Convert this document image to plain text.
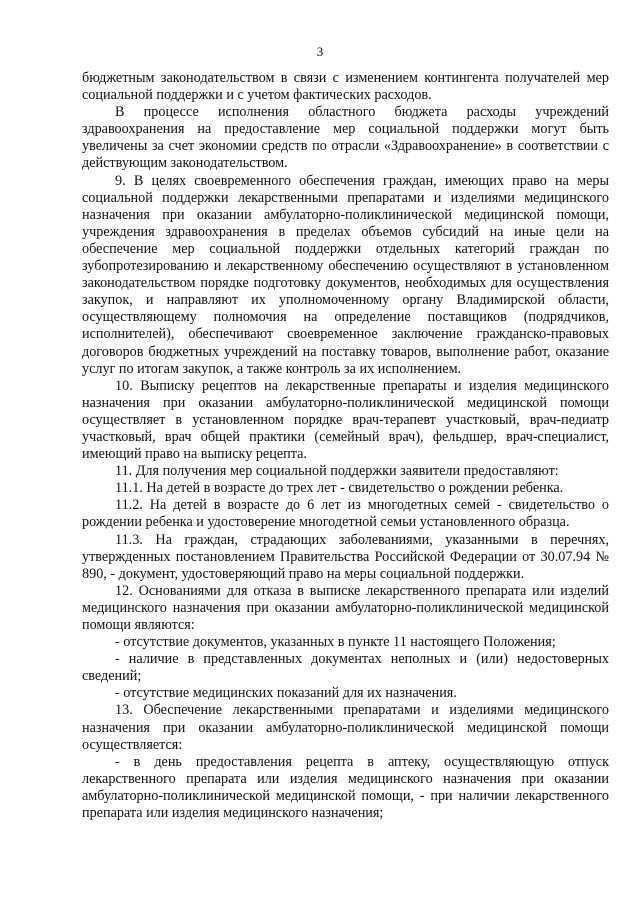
3

бюджетным законодательством в связи с изменением контингента получателей мер социальной поддержки и с учетом фактических расходов.

В процессе исполнения областного бюджета расходы учреждений здравоохранения на предоставление мер социальной поддержки могут быть увеличены за счет экономии средств по отрасли «Здравоохранение» в соответствии с действующим законодательством.

9. В целях своевременного обеспечения граждан, имеющих право на меры социальной поддержки лекарственными препаратами и изделиями медицинского назначения при оказании амбулаторно-поликлинической медицинской помощи, учреждения здравоохранения в пределах объемов субсидий на иные цели на обеспечение мер социальной поддержки отдельных категорий граждан по зубопротезированию и лекарственному обеспечению осуществляют в установленном законодательством порядке подготовку документов, необходимых для осуществления закупок, и направляют их уполномоченному органу Владимирской области, осуществляющему полномочия на определение поставщиков (подрядчиков, исполнителей), обеспечивают своевременное заключение гражданско-правовых договоров бюджетных учреждений на поставку товаров, выполнение работ, оказание услуг по итогам закупок, а также контроль за их исполнением.

10. Выписку рецептов на лекарственные препараты и изделия медицинского назначения при оказании амбулаторно-поликлинической медицинской помощи осуществляет в установленном порядке врач-терапевт участковый, врач-педиатр участковый, врач общей практики (семейный врач), фельдшер, врач-специалист, имеющий право на выписку рецепта.

11. Для получения мер социальной поддержки заявители предоставляют:

11.1. На детей в возрасте до трех лет - свидетельство о рождении ребенка.

11.2. На детей в возрасте до 6 лет из многодетных семей - свидетельство о рождении ребенка и удостоверение многодетной семьи установленного образца.

11.3. На граждан, страдающих заболеваниями, указанными в перечнях, утвержденных постановлением Правительства Российской Федерации от 30.07.94 № 890, - документ, удостоверяющий право на меры социальной поддержки.

12. Основаниями для отказа в выписке лекарственного препарата или изделий медицинского назначения при оказании амбулаторно-поликлинической медицинской помощи являются:

- отсутствие документов, указанных в пункте 11 настоящего Положения;

- наличие в представленных документах неполных и (или) недостоверных сведений;

- отсутствие медицинских показаний для их назначения.

13. Обеспечение лекарственными препаратами и изделиями медицинского назначения при оказании амбулаторно-поликлинической медицинской помощи осуществляется:

- в день предоставления рецепта в аптеку, осуществляющую отпуск лекарственного препарата или изделия медицинского назначения при оказании амбулаторно-поликлинической медицинской помощи, - при наличии лекарственного препарата или изделия медицинского назначения;
